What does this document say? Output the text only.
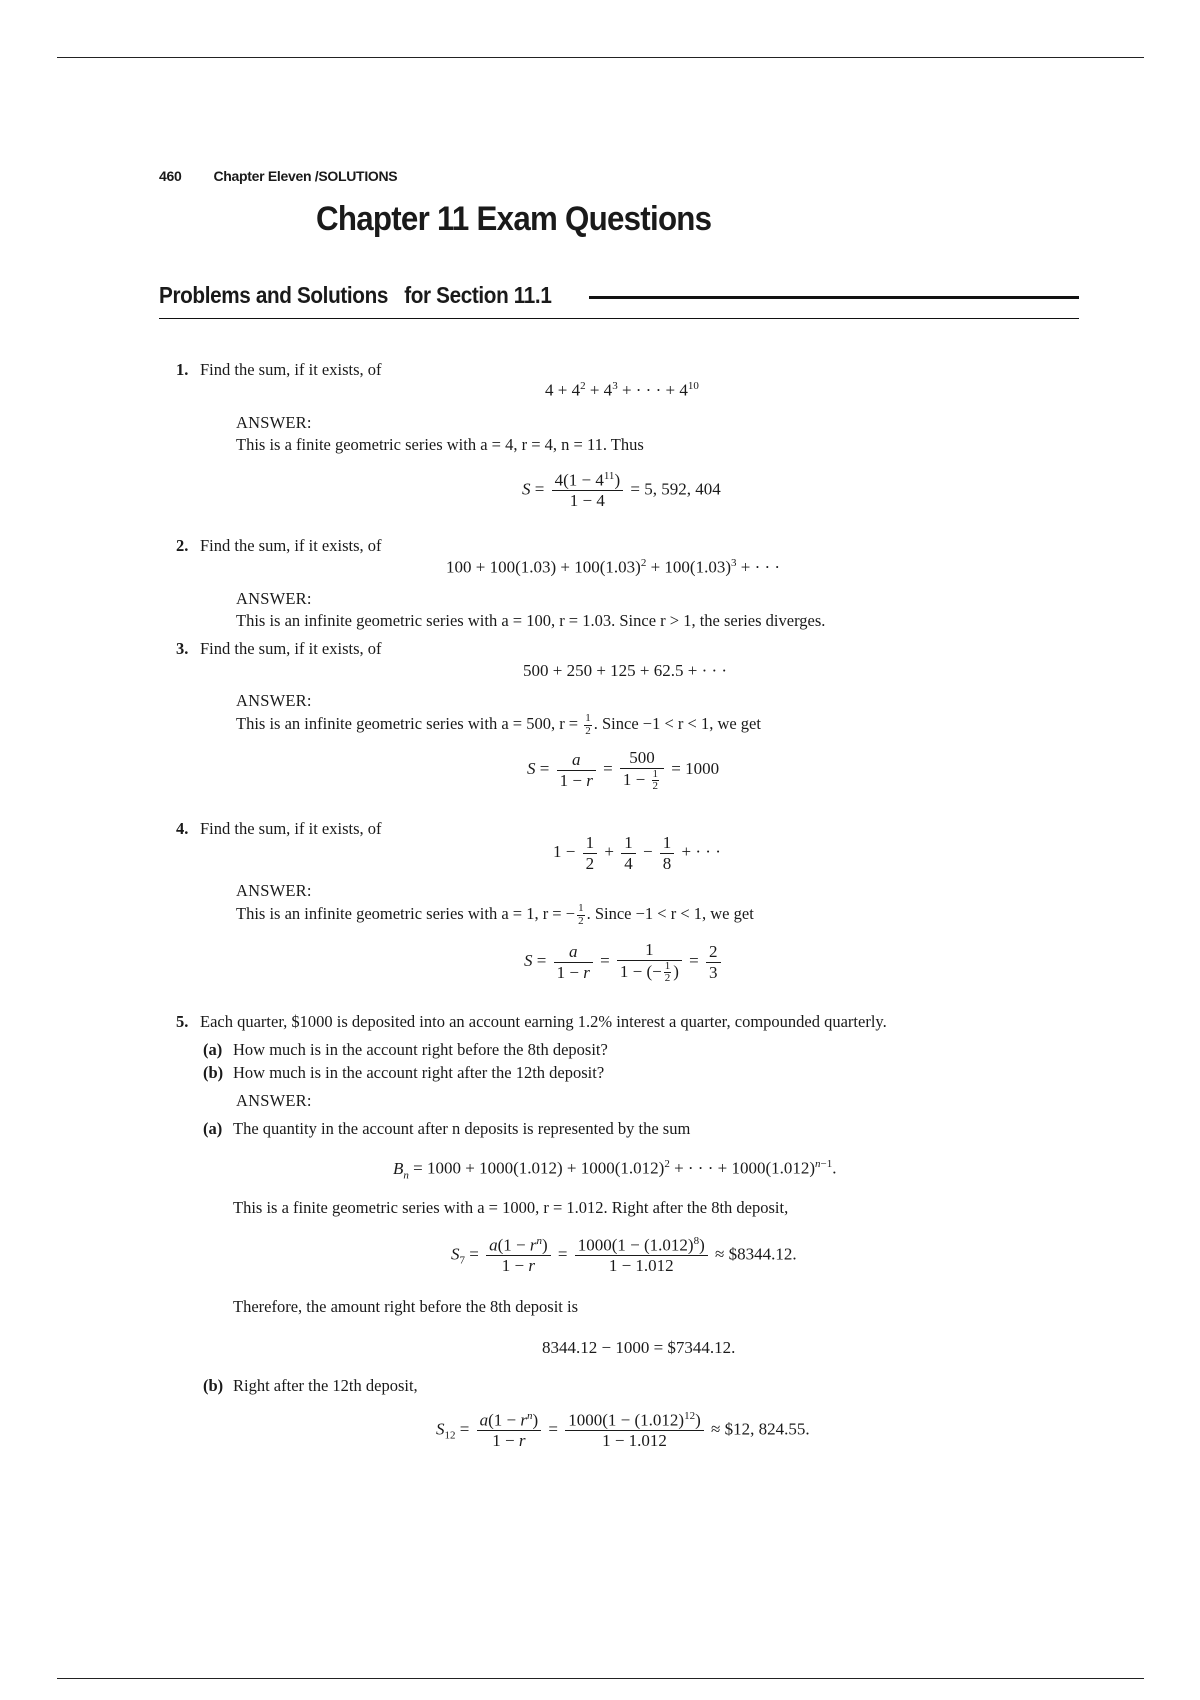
460 Chapter Eleven /SOLUTIONS
Chapter 11 Exam Questions
Problems and Solutions for Section 11.1
1. Find the sum, if it exists, of
$4 + 4^2 + 4^3$ + · · · + $4^{10}$
ANSWER:
This is a finite geometric series with a = 4, r = 4, n = 11. Thus
$S = \frac{4(1 - 4^{11})}{1 - 4} = 5$, 592, 404
2. Find the sum, if it exists, of
$100 + 100(1.03) + 100(1.03)^2 + 100(1.03)^3$ + · · ·
ANSWER:
This is an infinite geometric series with a = 100, r = 1.03. Since r > 1, the series diverges.
3. Find the sum, if it exists, of
500 + 250 + 125 + 62.5 + · · ·
ANSWER:
This is an infinite geometric series with a = 500, $r = \frac{1}{2}$ . Since −1 < r < 1, we get
$S = \frac{a}{1 - r} = \frac{500}{1 - \frac{1}{2}} = 1000$
4. Find the sum, if it exists, of
$1 - \frac{1}{2} + \frac{1}{4} - \frac{1}{8}$ + · · ·
ANSWER:
This is an infinite geometric series with a = 1, r = − $\frac{1}{2}$ . Since −1 < r < 1, we get
$S = \frac{a}{1 - r} = \frac{1}{1 - (- \frac{1}{2} )} = \frac{2}{3}$
5. Each quarter, $1000 is deposited into an account earning 1.2% interest a quarter, compounded quarterly.
(a) How much is in the account right before the 8th deposit?
(b) How much is in the account right after the 12th deposit?
ANSWER:
(a) The quantity in the account after n deposits is represented by the sum
$B_n = 1000 + 1000(1.012) + 1000(1.012)^2$ + · · · + $1000(1.012)^{n-1}$.
This is a finite geometric series with a = 1000, r = 1.012. Right after the 8th deposit,
$S_7 = \frac{a(1 - r^n)}{1 - r} = \frac{1000(1 - (1.012)^8)}{1 - 1.012}$ ≈ $8344.12.
Therefore, the amount right before the 8th deposit is
8344.12 − 1000 = $7344.12.
(b) Right after the 12th deposit,
$S_{12} = \frac{a(1 - r^n)}{1 - r} = \frac{1000(1 - (1.012)^{12})}{1 - 1.012}$ ≈ $12, 824.55.
